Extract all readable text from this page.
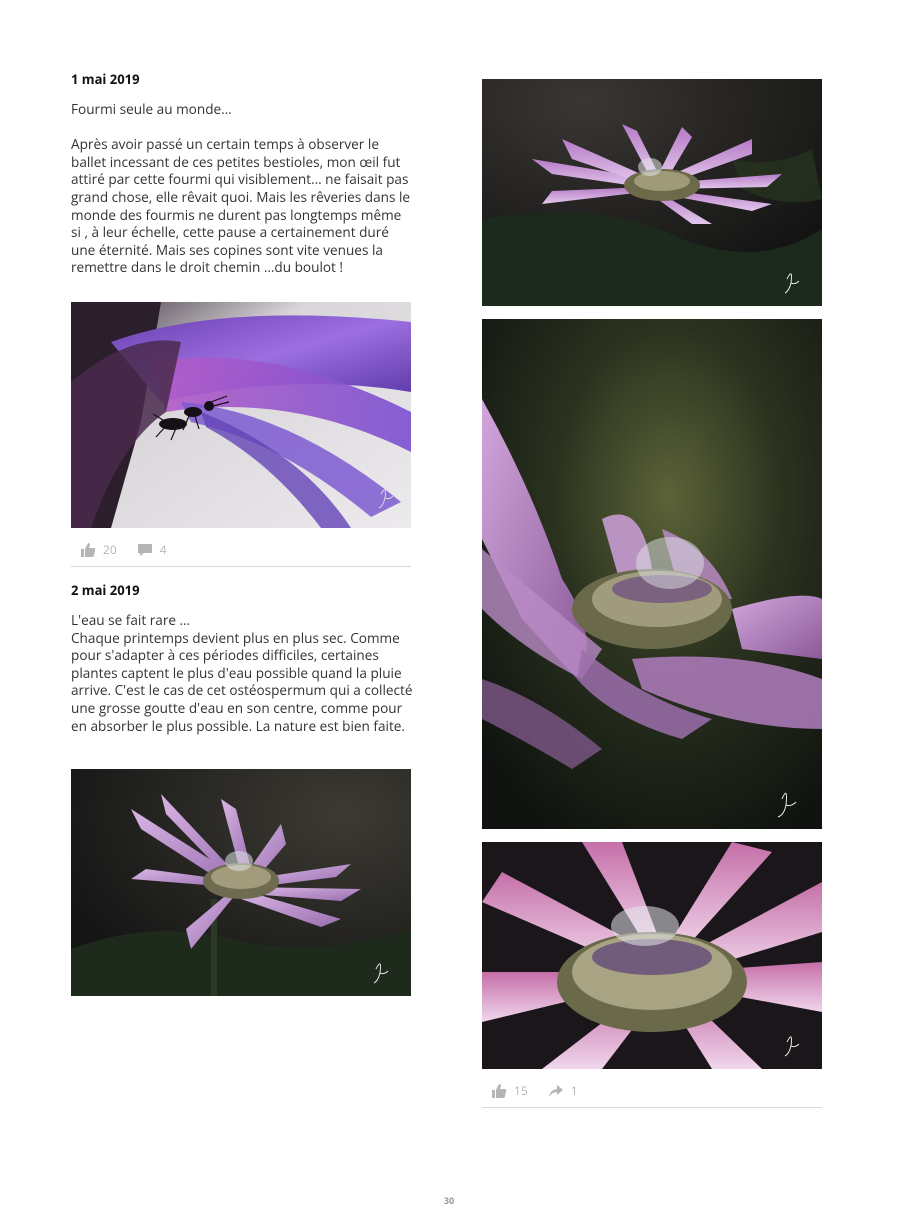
1 mai 2019
Fourmi seule au monde…

Après avoir passé un certain temps à observer le ballet incessant de ces petites bestioles, mon œil fut attiré par cette fourmi qui visiblement… ne faisait pas grand chose, elle rêvait quoi. Mais les rêveries dans le monde des fourmis ne durent pas longtemps même si , à leur échelle, cette pause a certainement duré une éternité. Mais ses copines sont vite venues la remettre dans le droit chemin …du boulot !
20	4
2 mai 2019
L'eau se fait rare …
Chaque printemps devient plus en plus sec. Comme pour s'adapter à ces périodes difficiles, certaines plantes captent le plus d'eau possible quand la pluie arrive. C'est le cas de cet ostéospermum qui a collecté une grosse goutte d'eau en son centre, comme pour en absorber le plus possible. La nature est bien faite.
15	1
30
